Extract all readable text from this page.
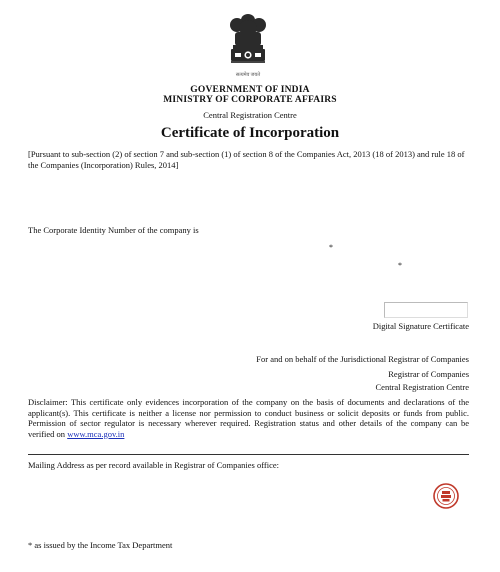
सत्यमेव जयते
GOVERNMENT OF INDIA
MINISTRY OF CORPORATE AFFAIRS
Central Registration Centre
Certificate of Incorporation
[Pursuant to sub-section (2) of section 7 and sub-section (1) of section 8 of the Companies Act, 2013 (18 of 2013) and rule 18 of the Companies (Incorporation) Rules, 2014]
The Corporate Identity Number of the company is
*
*
Digital Signature Certificate
For and on behalf of the Jurisdictional Registrar of Companies
Registrar of Companies
Central Registration Centre
Disclaimer: This certificate only evidences incorporation of the company on the basis of documents and declarations of the applicant(s). This certificate is neither a license nor permission to conduct business or solicit deposits or funds from public. Permission of sector regulator is necessary wherever required. Registration status and other details of the company can be verified on www.mca.gov.in
Mailing Address as per record available in Registrar of Companies office:
* as issued by the Income Tax Department
